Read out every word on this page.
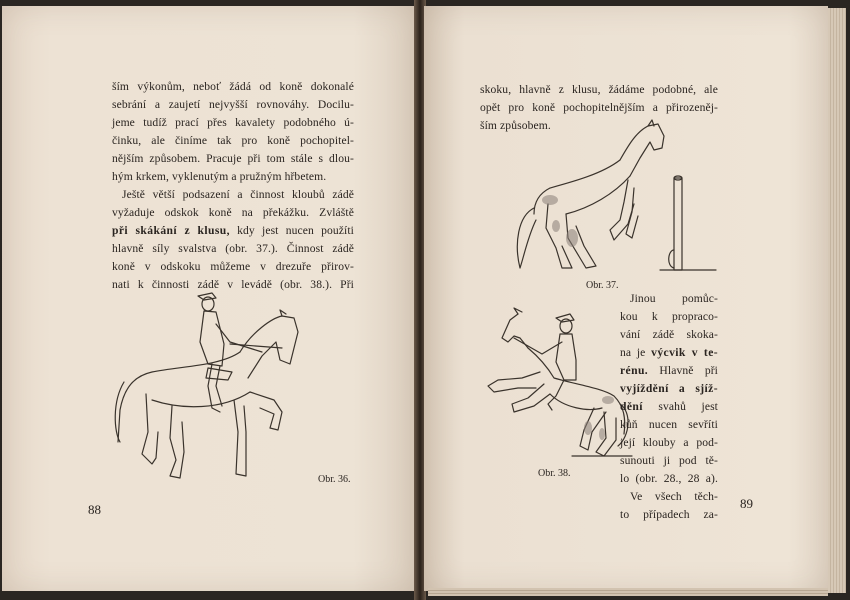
ším výkonům, neboť žádá od koně dokonalé

sebrání a zaujetí nejvyšší rovnováhy. Docilu-

jeme tudíž prací přes kavalety podobného ú-

činku, ale činíme tak pro koně pochopitel-

nějším způsobem. Pracuje při tom stále s dlou-

hým krkem, vyklenutým a pružným hřbetem.

Ještě větší podsazení a činnost kloubů zádě

vyžaduje odskok koně na překážku. Zvláště

při skákání z klusu, kdy jest nucen použíti

hlavně síly svalstva (obr. 37.). Činnost zádě

koně v odskoku můžeme v drezuře přirov-

nati k činnosti zádě v levádě (obr. 38.). Při

Obr. 36.
88

skoku, hlavně z klusu, žádáme podobné, ale

opět pro koně pochopitelnějším a přirozeněj-

ším způsobem.

Obr. 37.
Obr. 38.

Jinou pomůc-

kou k propraco-

vání zádě skoka-

na je výcvik v te-

rénu. Hlavně při

vyjíždění a sjíž-

dění svahů jest

kůň nucen sevříti

její klouby a pod-

sunouti ji pod tě-

lo (obr. 28., 28 a).

Ve všech těch-

to případech za-

89
